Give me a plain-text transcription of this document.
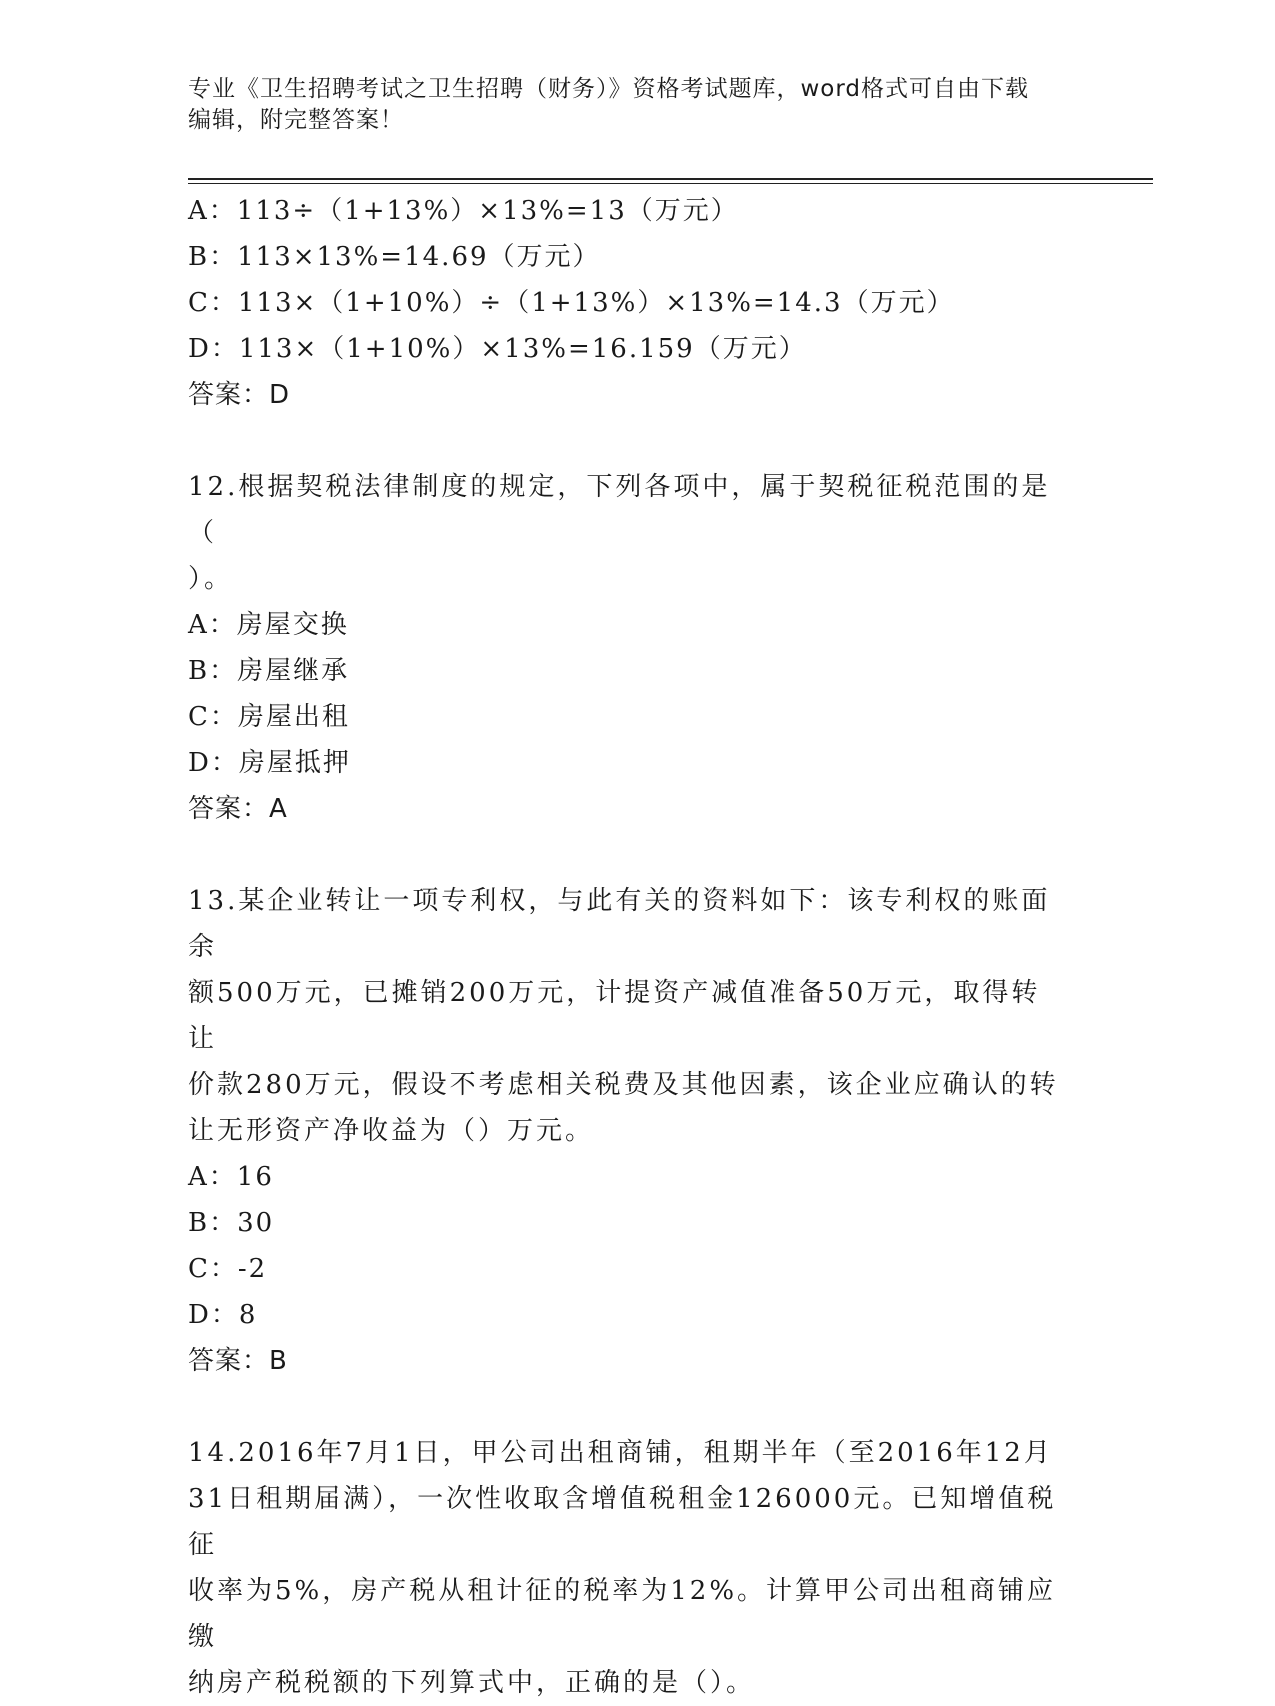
专业《卫生招聘考试之卫生招聘（财务）》资格考试题库，word格式可自由下载
编辑，附完整答案！
A：113÷（1+13%）×13%=13（万元）
B：113×13%=14.69（万元）
C：113×（1+10%）÷（1+13%）×13%=14.3（万元）
D：113×（1+10%）×13%=16.159（万元）
答案：D
12.根据契税法律制度的规定，下列各项中，属于契税征税范围的是（
）。
A：房屋交换
B：房屋继承
C：房屋出租
D：房屋抵押
答案：A
13.某企业转让一项专利权，与此有关的资料如下：该专利权的账面余
额500万元，已摊销200万元，计提资产减值准备50万元，取得转让
价款280万元，假设不考虑相关税费及其他因素，该企业应确认的转
让无形资产净收益为（）万元。
A：16
B：30
C：-2
D：8
答案：B
14.2016年7月1日，甲公司出租商铺，租期半年（至2016年12月
31日租期届满），一次性收取含增值税租金126000元。已知增值税征
收率为5%，房产税从租计征的税率为12%。计算甲公司出租商铺应缴
纳房产税税额的下列算式中，正确的是（）。
